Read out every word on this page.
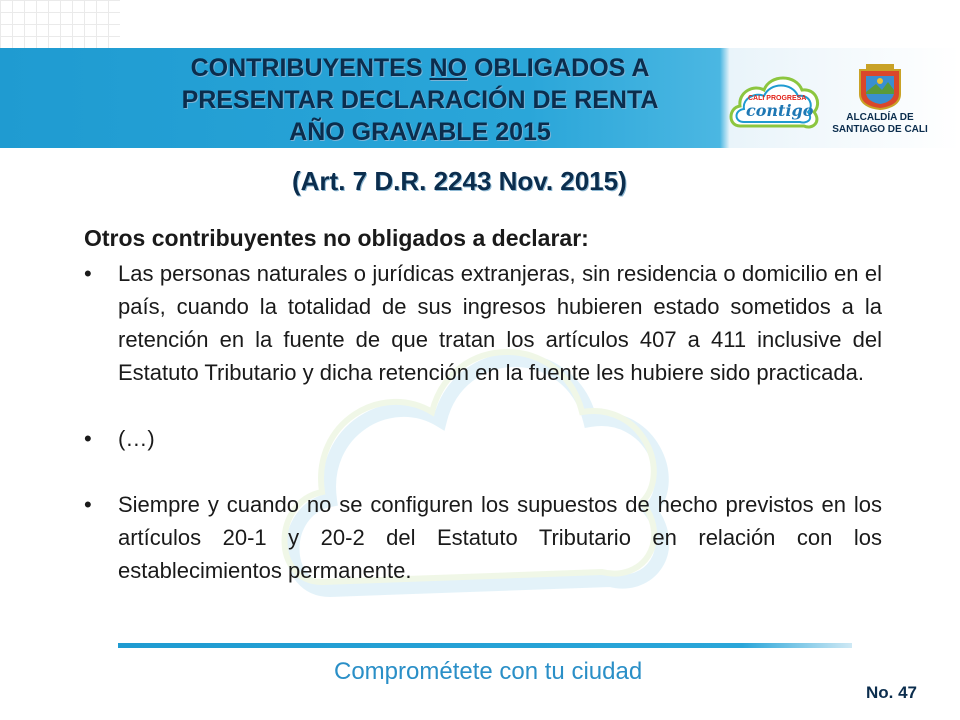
CONTRIBUYENTES NO OBLIGADOS A
PRESENTAR DECLARACIÓN DE RENTA
AÑO GRAVABLE 2015
CALI PROGRESA
contigo	ALCALDÍA DE
SANTIAGO DE CALI
(Art. 7 D.R. 2243 Nov. 2015)
Otros contribuyentes no obligados a declarar:
•	Las personas naturales o jurídicas extranjeras, sin residencia o domicilio en el país, cuando la totalidad de sus ingresos hubieren estado sometidos a la retención en la fuente de que tratan los artículos 407 a 411 inclusive del Estatuto Tributario y dicha retención en la fuente les hubiere sido practicada.
•	(…)
•	Siempre y cuando no se configuren los supuestos de hecho previstos en los artículos 20-1 y 20-2 del Estatuto Tributario en relación con los establecimientos permanente.
Comprométete con tu ciudad
No. 47
